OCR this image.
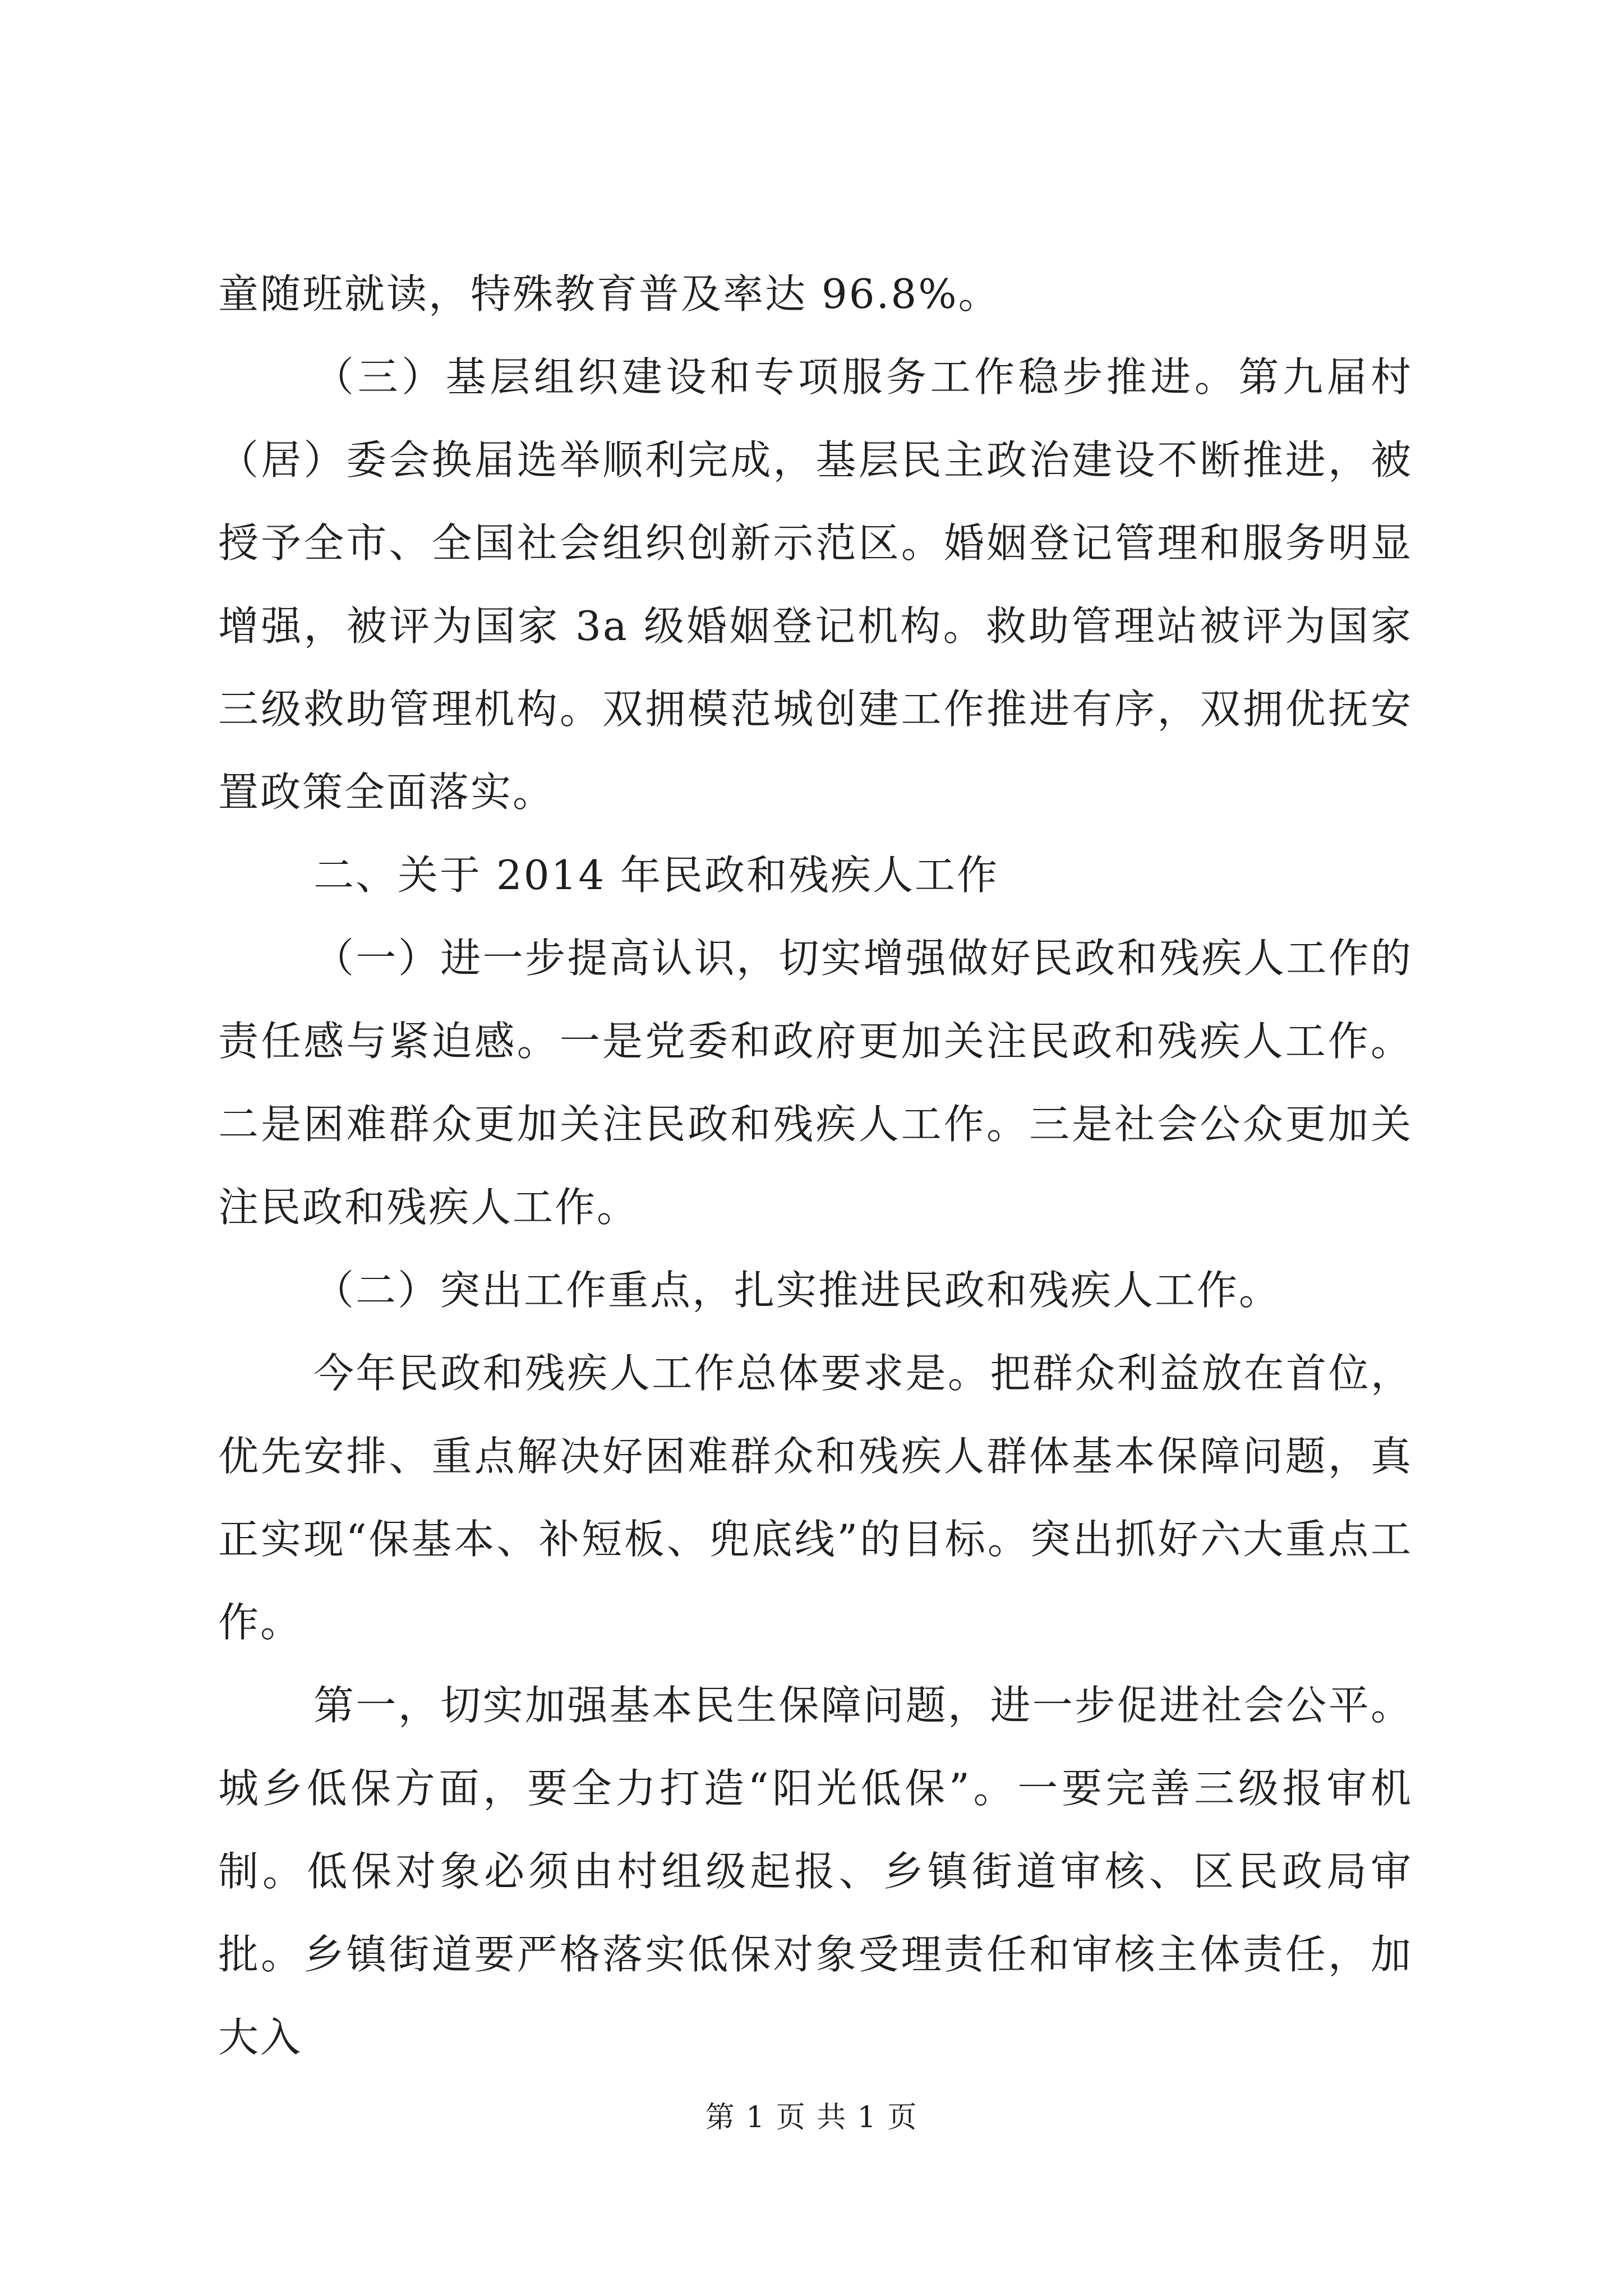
童随班就读，特殊教育普及率达 96.8%。

（三）基层组织建设和专项服务工作稳步推进。第九届村（居）委会换届选举顺利完成，基层民主政治建设不断推进，被授予全市、全国社会组织创新示范区。婚姻登记管理和服务明显增强，被评为国家 3a 级婚姻登记机构。救助管理站被评为国家三级救助管理机构。双拥模范城创建工作推进有序，双拥优抚安置政策全面落实。

二、关于 2014 年民政和残疾人工作

（一）进一步提高认识，切实增强做好民政和残疾人工作的责任感与紧迫感。一是党委和政府更加关注民政和残疾人工作。二是困难群众更加关注民政和残疾人工作。三是社会公众更加关注民政和残疾人工作。

（二）突出工作重点，扎实推进民政和残疾人工作。

今年民政和残疾人工作总体要求是。把群众利益放在首位，优先安排、重点解决好困难群众和残疾人群体基本保障问题，真正实现“保基本、补短板、兜底线”的目标。突出抓好六大重点工作。

第一，切实加强基本民生保障问题，进一步促进社会公平。城乡低保方面，要全力打造“阳光低保”。一要完善三级报审机制。低保对象必须由村组级起报、乡镇街道审核、区民政局审批。乡镇街道要严格落实低保对象受理责任和审核主体责任，加大入

第 1 页 共 1 页
